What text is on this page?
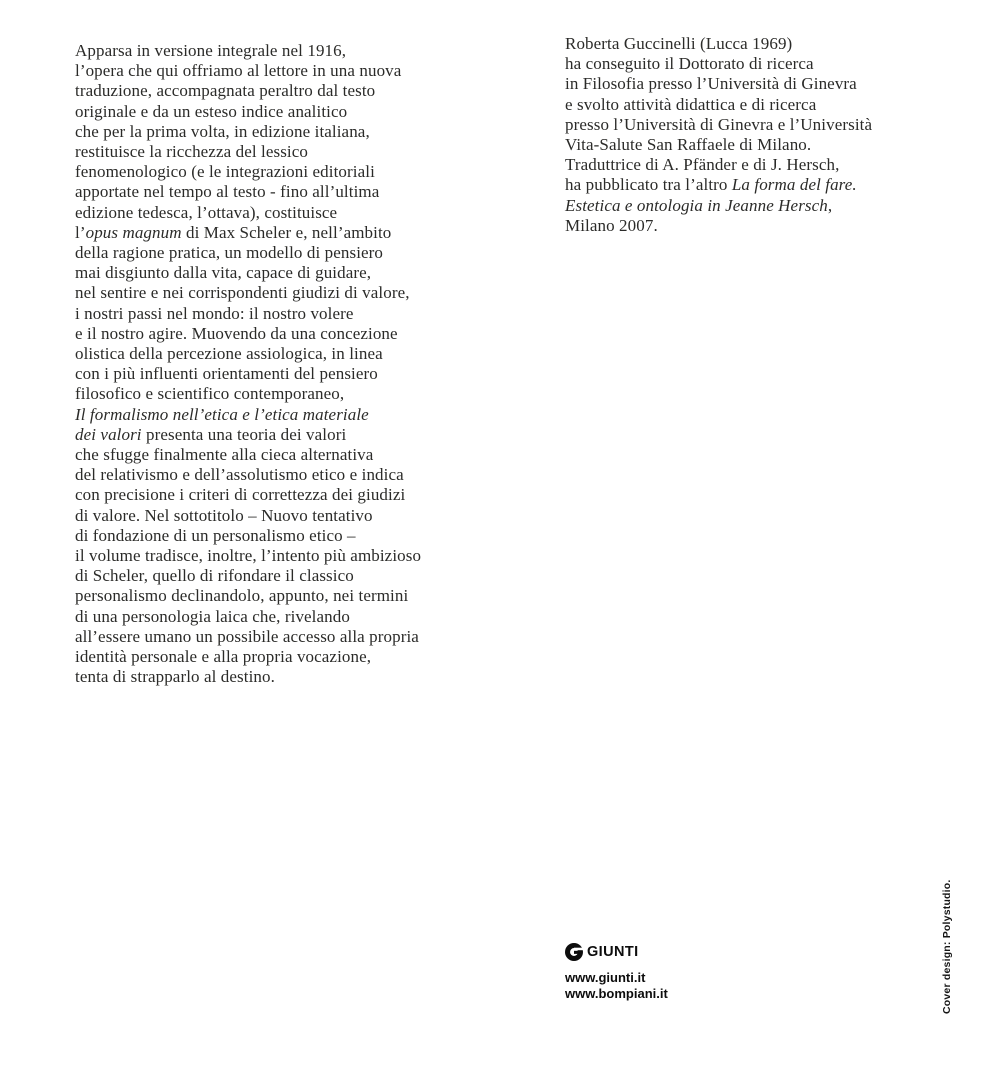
Apparsa in versione integrale nel 1916,
l’opera che qui offriamo al lettore in una nuova
traduzione, accompagnata peraltro dal testo
originale e da un esteso indice analitico
che per la prima volta, in edizione italiana,
restituisce la ricchezza del lessico
fenomenologico (e le integrazioni editoriali
apportate nel tempo al testo - fino all’ultima
edizione tedesca, l’ottava), costituisce
l’opus magnum di Max Scheler e, nell’ambito
della ragione pratica, un modello di pensiero
mai disgiunto dalla vita, capace di guidare,
nel sentire e nei corrispondenti giudizi di valore,
i nostri passi nel mondo: il nostro volere
e il nostro agire. Muovendo da una concezione
olistica della percezione assiologica, in linea
con i più influenti orientamenti del pensiero
filosofico e scientifico contemporaneo,
Il formalismo nell’etica e l’etica materiale
dei valori presenta una teoria dei valori
che sfugge finalmente alla cieca alternativa
del relativismo e dell’assolutismo etico e indica
con precisione i criteri di correttezza dei giudizi
di valore. Nel sottotitolo – Nuovo tentativo
di fondazione di un personalismo etico –
il volume tradisce, inoltre, l’intento più ambizioso
di Scheler, quello di rifondare il classico
personalismo declinandolo, appunto, nei termini
di una personologia laica che, rivelando
all’essere umano un possibile accesso alla propria
identità personale e alla propria vocazione,
tenta di strapparlo al destino.
Roberta Guccinelli (Lucca 1969)
ha conseguito il Dottorato di ricerca
in Filosofia presso l’Università di Ginevra
e svolto attività didattica e di ricerca
presso l’Università di Ginevra e l’Università
Vita-Salute San Raffaele di Milano.
Traduttrice di A. Pfänder e di J. Hersch,
ha pubblicato tra l’altro La forma del fare.
Estetica e ontologia in Jeanne Hersch,
Milano 2007.
GIUNTI
www.giunti.it
www.bompiani.it	Cover design: Polystudio.
